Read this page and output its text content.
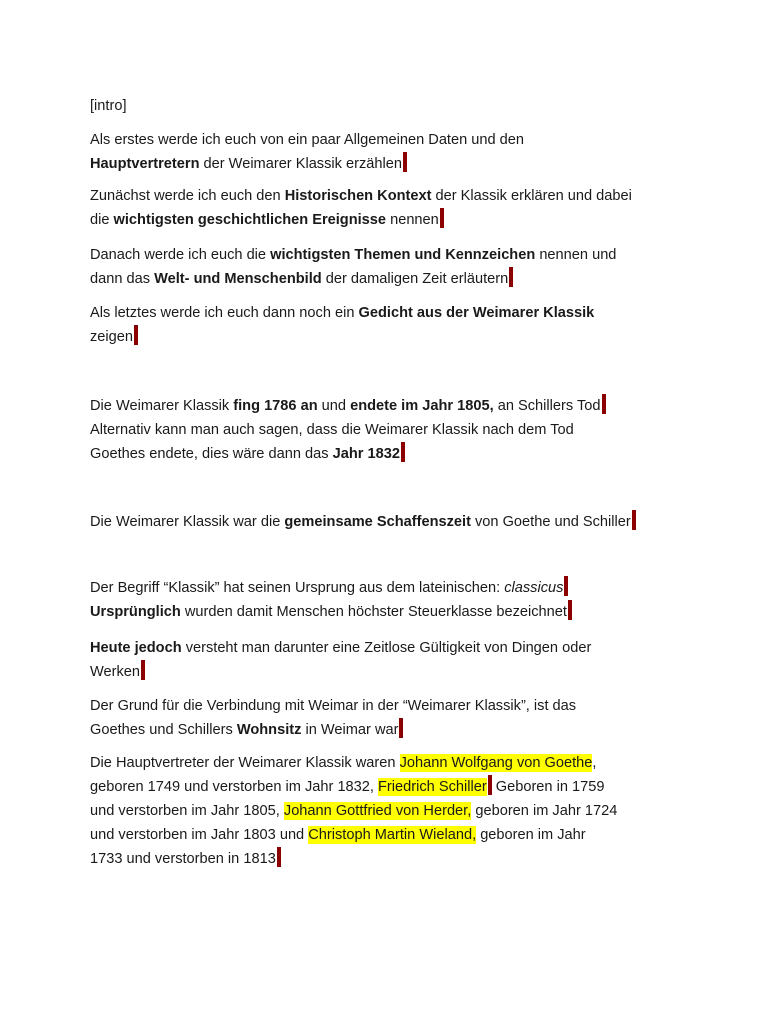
[intro]

Als erstes werde ich euch von ein paar Allgemeinen Daten und den
Hauptvertretern der Weimarer Klassik erzählen

Zunächst werde ich euch den Historischen Kontext der Klassik erklären und dabei
die wichtigsten geschichtlichen Ereignisse nennen

Danach werde ich euch die wichtigsten Themen und Kennzeichen nennen und
dann das Welt- und Menschenbild der damaligen Zeit erläutern

Als letztes werde ich euch dann noch ein Gedicht aus der Weimarer Klassik
zeigen

Die Weimarer Klassik fing 1786 an und endete im Jahr 1805, an Schillers Tod
Alternativ kann man auch sagen, dass die Weimarer Klassik nach dem Tod
Goethes endete, dies wäre dann das Jahr 1832

Die Weimarer Klassik war die gemeinsame Schaffenszeit von Goethe und Schiller

Der Begriff “Klassik” hat seinen Ursprung aus dem lateinischen: classicus
Ursprünglich wurden damit Menschen höchster Steuerklasse bezeichnet

Heute jedoch versteht man darunter eine Zeitlose Gültigkeit von Dingen oder
Werken

Der Grund für die Verbindung mit Weimar in der “Weimarer Klassik”, ist das
Goethes und Schillers Wohnsitz in Weimar war

Die Hauptvertreter der Weimarer Klassik waren Johann Wolfgang von Goethe,
geboren 1749 und verstorben im Jahr 1832, Friedrich Schiller Geboren in 1759
und verstorben im Jahr 1805, Johann Gottfried von Herder, geboren im Jahr 1724
und verstorben im Jahr 1803 und Christoph Martin Wieland, geboren im Jahr
1733 und verstorben in 1813
